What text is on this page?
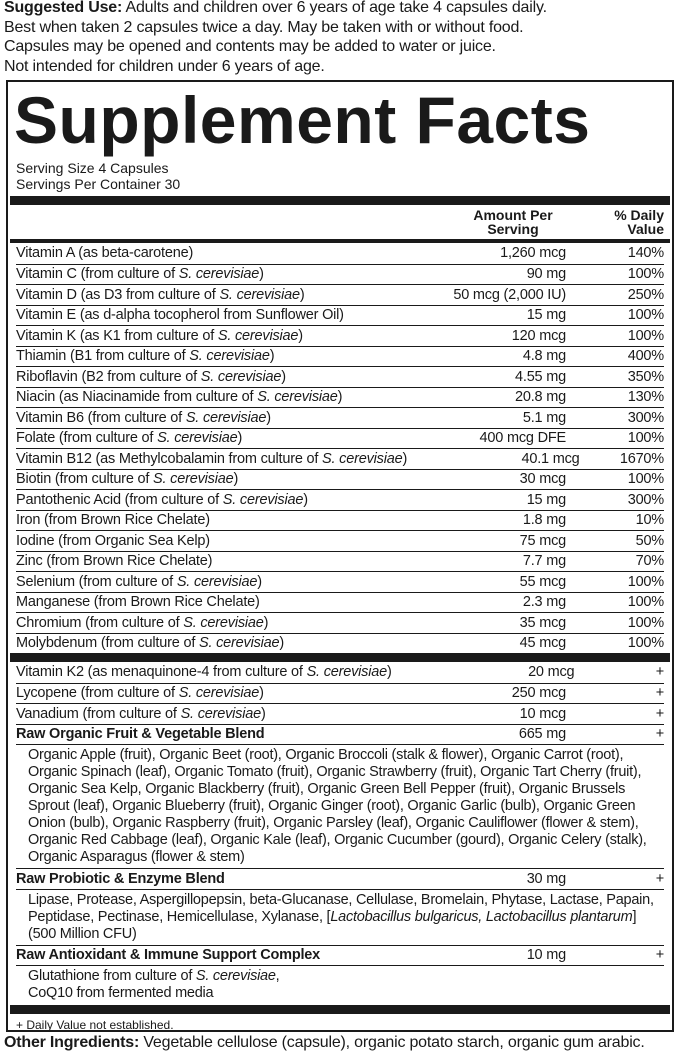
Suggested Use: Adults and children over 6 years of age take 4 capsules daily.
Best when taken 2 capsules twice a day. May be taken with or without food.
Capsules may be opened and contents may be added to water or juice.
Not intended for children under 6 years of age.
Supplement Facts
Serving Size 4 Capsules
Servings Per Container 30
Amount Per
Serving
% Daily
Value
Vitamin A (as beta-carotene)	1,260 mcg	140%
Vitamin C (from culture of S. cerevisiae)	90 mg	100%
Vitamin D (as D3 from culture of S. cerevisiae)	50 mcg (2,000 IU)	250%
Vitamin E (as d-alpha tocopherol from Sunflower Oil)	15 mg	100%
Vitamin K (as K1 from culture of S. cerevisiae)	120 mcg	100%
Thiamin (B1 from culture of S. cerevisiae)	4.8 mg	400%
Riboflavin (B2 from culture of S. cerevisiae)	4.55 mg	350%
Niacin (as Niacinamide from culture of S. cerevisiae)	20.8 mg	130%
Vitamin B6 (from culture of S. cerevisiae)	5.1 mg	300%
Folate (from culture of S. cerevisiae)	400 mcg DFE	100%
Vitamin B12 (as Methylcobalamin from culture of S. cerevisiae)	40.1 mcg	1670%
Biotin (from culture of S. cerevisiae)	30 mcg	100%
Pantothenic Acid (from culture of S. cerevisiae)	15 mg	300%
Iron (from Brown Rice Chelate)	1.8 mg	10%
Iodine (from Organic Sea Kelp)	75 mcg	50%
Zinc (from Brown Rice Chelate)	7.7 mg	70%
Selenium (from culture of S. cerevisiae)	55 mcg	100%
Manganese (from Brown Rice Chelate)	2.3 mg	100%
Chromium (from culture of S. cerevisiae)	35 mcg	100%
Molybdenum (from culture of S. cerevisiae)	45 mcg	100%
Vitamin K2 (as menaquinone-4 from culture of S. cerevisiae)	20 mcg	+
Lycopene (from culture of S. cerevisiae)	250 mcg	+
Vanadium (from culture of S. cerevisiae)	10 mcg	+
Raw Organic Fruit & Vegetable Blend	665 mg	+
Organic Apple (fruit), Organic Beet (root), Organic Broccoli (stalk & flower), Organic Carrot (root), Organic Spinach (leaf), Organic Tomato (fruit), Organic Strawberry (fruit), Organic Tart Cherry (fruit), Organic Sea Kelp, Organic Blackberry (fruit), Organic Green Bell Pepper (fruit), Organic Brussels Sprout (leaf), Organic Blueberry (fruit), Organic Ginger (root), Organic Garlic (bulb), Organic Green Onion (bulb), Organic Raspberry (fruit), Organic Parsley (leaf), Organic Cauliflower (flower & stem), Organic Red Cabbage (leaf), Organic Kale (leaf), Organic Cucumber (gourd), Organic Celery (stalk), Organic Asparagus (flower & stem)
Raw Probiotic & Enzyme Blend	30 mg	+
Lipase, Protease, Aspergillopepsin, beta-Glucanase, Cellulase, Bromelain, Phytase, Lactase, Papain, Peptidase, Pectinase, Hemicellulase, Xylanase, [Lactobacillus bulgaricus, Lactobacillus plantarum] (500 Million CFU)
Raw Antioxidant & Immune Support Complex	10 mg	+
Glutathione from culture of S. cerevisiae,
CoQ10 from fermented media
+ Daily Value not established.
Other Ingredients: Vegetable cellulose (capsule), organic potato starch, organic gum arabic.
